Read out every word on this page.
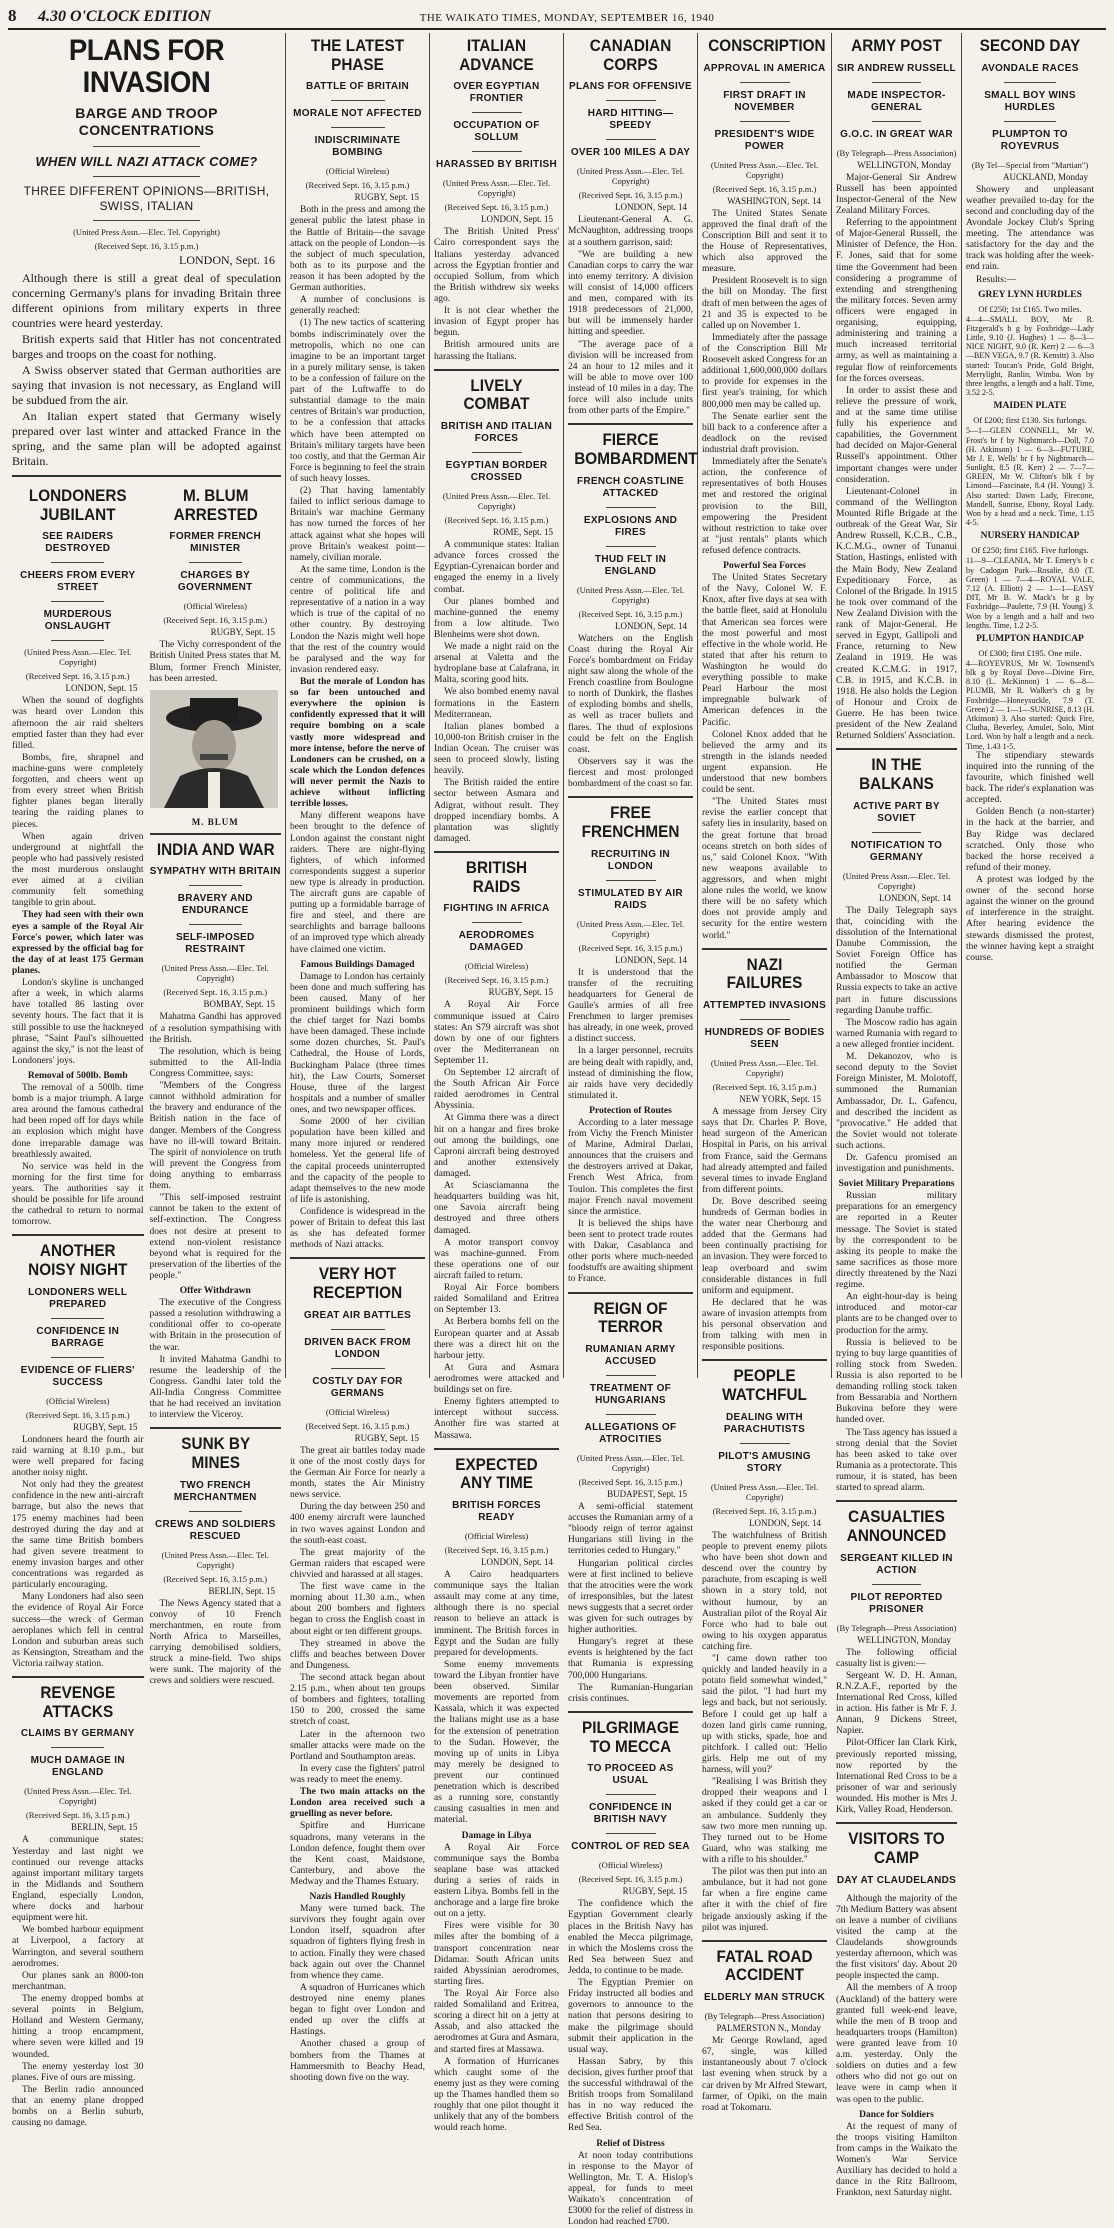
8	4.30 O'CLOCK EDITION	THE WAIKATO TIMES, MONDAY, SEPTEMBER 16, 1940
PLANS FOR INVASION
BARGE AND TROOP CONCENTRATIONS
WHEN WILL NAZI ATTACK COME?
THREE DIFFERENT OPINIONS—BRITISH, SWISS, ITALIAN
(United Press Assn.—Elec. Tel. Copyright)
(Received Sept. 16, 3.15 p.m.)
LONDON, Sept. 16

Although there is still a great deal of speculation concerning Germany's plans for invading Britain three different opinions from military experts in three countries were heard yesterday.

British experts said that Hitler has not concentrated barges and troops on the coast for nothing.

A Swiss observer stated that German authorities are saying that invasion is not necessary, as England will be subdued from the air.

An Italian expert stated that Germany wisely prepared over last winter and attacked France in the spring, and the same plan will be adopted against Britain.

LONDONERS JUBILANT
SEE RAIDERS DESTROYED
CHEERS FROM EVERY STREET
MURDEROUS ONSLAUGHT
(United Press Assn.—Elec. Tel. Copyright)
(Received Sept. 16, 3.15 p.m.)
LONDON, Sept. 15

When the sound of dogfights was heard over London this afternoon the air raid shelters emptied faster than they had ever filled.

Bombs, fire, shrapnel and machine-guns were completely forgotten, and cheers went up from every street when British fighter planes began literally tearing the raiding planes to pieces.

When again driven underground at nightfall the people who had passively resisted the most murderous onslaught ever aimed at a civilian community felt something tangible to grin about.

They had seen with their own eyes a sample of the Royal Air Force's power, which later was expressed by the official bag for the day of at least 175 German planes.

London's skyline is unchanged after a week, in which alarms have totalled 86 lasting over seventy hours. The fact that it is still possible to use the hackneyed phrase, "Saint Paul's silhouetted against the sky," is not the least of Londoners' joys.

Removal of 500lb. Bomb

The removal of a 500lb. time bomb is a major triumph. A large area around the famous cathedral had been roped off for days while an explosion which might have done irreparable damage was breathlessly awaited.

No service was held in the morning for the first time for years. The authorities say it should be possible for life around the cathedral to return to normal tomorrow.

ANOTHER NOISY NIGHT
LONDONERS WELL PREPARED
CONFIDENCE IN BARRAGE
EVIDENCE OF FLIERS' SUCCESS
(Official Wireless)
(Received Sept. 16, 3.15 p.m.)
RUGBY, Sept. 15

Londoners heard the fourth air raid warning at 8.10 p.m., but were well prepared for facing another noisy night.

Not only had they the greatest confidence in the new anti-aircraft barrage, but also the news that 175 enemy machines had been destroyed during the day and at the same time British bombers had given severe treatment to enemy invasion barges and other concentrations was regarded as particularly encouraging.

Many Londoners had also seen the evidence of Royal Air Force success—the wreck of German aeroplanes which fell in central London and suburban areas such as Kensington, Streatham and the Victoria railway station.

REVENGE ATTACKS
CLAIMS BY GERMANY
MUCH DAMAGE IN ENGLAND
(United Press Assn.—Elec. Tel. Copyright)
(Received Sept. 16, 3.15 p.m.)
BERLIN, Sept. 15

A communique states: Yesterday and last night we continued our revenge attacks against important military targets in the Midlands and Southern England, especially London, where docks and harbour equipment were hit.

We bombed harbour equipment at Liverpool, a factory at Warrington, and several southern aerodromes.

Our planes sank an 8000-ton merchantman.

The enemy dropped bombs at several points in Belgium, Holland and Western Germany, hitting a troop encampment, where seven were killed and 19 wounded.

The enemy yesterday lost 30 planes. Five of ours are missing.

The Berlin radio announced that an enemy plane dropped bombs on a Berlin suburb, causing no damage.

M. BLUM ARRESTED
FORMER FRENCH MINISTER
CHARGES BY GOVERNMENT
(Official Wireless)
(Received Sept. 16, 3.15 p.m.)
RUGBY, Sept. 15

The Vichy correspondent of the British United Press states that M. Blum, former French Minister, has been arrested.

M. BLUM
INDIA AND WAR
SYMPATHY WITH BRITAIN
BRAVERY AND ENDURANCE
SELF-IMPOSED RESTRAINT
(United Press Assn.—Elec. Tel. Copyright)
(Received Sept. 16, 3.15 p.m.)
BOMBAY, Sept. 15

Mahatma Gandhi has approved of a resolution sympathising with the British.

The resolution, which is being submitted to the All-India Congress Committee, says:

"Members of the Congress cannot withhold admiration for the bravery and endurance of the British nation in the face of danger. Members of the Congress have no ill-will toward Britain. The spirit of nonviolence on truth will prevent the Congress from doing anything to embarrass them.

"This self-imposed restraint cannot be taken to the extent of self-extinction. The Congress does not desire at present to extend non-violent resistance beyond what is required for the preservation of the liberties of the people."

Offer Withdrawn

The executive of the Congress passed a resolution withdrawing a conditional offer to co-operate with Britain in the prosecution of the war.

It invited Mahatma Gandhi to resume the leadership of the Congress. Gandhi later told the All-India Congress Committee that he had received an invitation to interview the Viceroy.

SUNK BY MINES
TWO FRENCH MERCHANTMEN
CREWS AND SOLDIERS RESCUED
(United Press Assn.—Elec. Tel. Copyright)
(Received Sept. 16, 3.15 p.m.)
BERLIN, Sept. 15

The News Agency stated that a convoy of 10 French merchantmen, en route from North Africa to Marseilles, carrying demobilised soldiers, struck a mine-field. Two ships were sunk. The majority of the crews and soldiers were rescued.

THE LATEST PHASE
BATTLE OF BRITAIN
MORALE NOT AFFECTED
INDISCRIMINATE BOMBING
(Official Wireless)
(Received Sept. 16, 3.15 p.m.)
RUGBY, Sept. 15

Both in the press and among the general public the latest phase in the Battle of Britain—the savage attack on the people of London—is the subject of much speculation, both as to its purpose and the reason it has been adopted by the German authorities.

A number of conclusions is generally reached:

(1) The new tactics of scattering bombs indiscriminately over the metropolis, which no one can imagine to be an important target in a purely military sense, is taken to be a confession of failure on the part of the Luftwaffe to do substantial damage to the main centres of Britain's war production, to be a confession that attacks which have been attempted on Britain's military targets have been too costly, and that the German Air Force is beginning to feel the strain of such heavy losses.

(2) That having lamentably failed to inflict serious damage to Britain's war machine Germany has now turned the forces of her attack against what she hopes will prove Britain's weakest point—namely, civilian morale.

At the same time, London is the centre of communications, the centre of political life and representative of a nation in a way which is true of the capital of no other country. By destroying London the Nazis might well hope that the rest of the country would be paralysed and the way for invasion rendered easy.

But the morale of London has so far been untouched and everywhere the opinion is confidently expressed that it will require bombing on a scale vastly more widespread and more intense, before the nerve of Londoners can be crushed, on a scale which the London defences will never permit the Nazis to achieve without inflicting terrible losses.

Many different weapons have been brought to the defence of London against the constant night raiders. There are night-flying fighters, of which informed correspondents suggest a superior new type is already in production. The aircraft guns are capable of putting up a formidable barrage of fire and steel, and there are searchlights and barrage balloons of an improved type which already have claimed one victim.

Famous Buildings Damaged

Damage to London has certainly been done and much suffering has been caused. Many of her prominent buildings which form the chief target for Nazi bombs have been damaged. These include some dozen churches, St. Paul's Cathedral, the House of Lords, Buckingham Palace (three times hit), the Law Courts, Somerset House, three of the largest hospitals and a number of smaller ones, and two newspaper offices.

Some 2000 of her civilian population have been killed and many more injured or rendered homeless. Yet the general life of the capital proceeds uninterrupted and the capacity of the people to adapt themselves to the new mode of life is astonishing.

Confidence is widespread in the power of Britain to defeat this last as she has defeated former methods of Nazi attacks.

VERY HOT RECEPTION
GREAT AIR BATTLES
DRIVEN BACK FROM LONDON
COSTLY DAY FOR GERMANS
(Official Wireless)
(Received Sept. 16, 3.15 p.m.)
RUGBY, Sept. 15

The great air battles today made it one of the most costly days for the German Air Force for nearly a month, states the Air Ministry news service.

During the day between 250 and 400 enemy aircraft were launched in two waves against London and the south-east coast.

The great majority of the German raiders that escaped were chivvied and harassed at all stages.

The first wave came in the morning about 11.30 a.m., when about 200 bombers and fighters began to cross the English coast in about eight or ten different groups.

They streamed in above the cliffs and beaches between Dover and Dungeness.

The second attack began about 2.15 p.m., when about ten groups of bombers and fighters, totalling 150 to 200, crossed the same stretch of coast.

Later in the afternoon two smaller attacks were made on the Portland and Southampton areas.

In every case the fighters' patrol was ready to meet the enemy.

The two main attacks on the London area received such a gruelling as never before.

Spitfire and Hurricane squadrons, many veterans in the London defence, fought them over the Kent coast, Maidstone, Canterbury, and above the Medway and the Thames Estuary.

Nazis Handled Roughly

Many were turned back. The survivors they fought again over London itself, squadron after squadron of fighters flying fresh in to action. Finally they were chased back again out over the Channel from whence they came.

A squadron of Hurricanes which destroyed nine enemy planes began to fight over London and ended up over the cliffs at Hastings.

Another chased a group of bombers from the Thames at Hammersmith to Beachy Head, shooting down five on the way.

ITALIAN ADVANCE
OVER EGYPTIAN FRONTIER
OCCUPATION OF SOLLUM
HARASSED BY BRITISH
(United Press Assn.—Elec. Tel. Copyright)
(Received Sept. 16, 3.15 p.m.)
LONDON, Sept. 15

The British United Press' Cairo correspondent says the Italians yesterday advanced across the Egyptian frontier and occupied Sollum, from which the British withdrew six weeks ago.

It is not clear whether the invasion of Egypt proper has begun.

British armoured units are harassing the Italians.

LIVELY COMBAT
BRITISH AND ITALIAN FORCES
EGYPTIAN BORDER CROSSED
(United Press Assn.—Elec. Tel. Copyright)
(Received Sept. 16, 3.15 p.m.)
ROME, Sept. 15

A communique states: Italian advance forces crossed the Egyptian-Cyrenaican border and engaged the enemy in a lively combat.

Our planes bombed and machine-gunned the enemy from a low altitude. Two Blenheims were shot down.

We made a night raid on the arsenal at Valetta and the hydroplane base at Calafrana, in Malta, scoring good hits.

We also bombed enemy naval formations in the Eastern Mediterranean.

Italian planes bombed a 10,000-ton British cruiser in the Indian Ocean. The cruiser was seen to proceed slowly, listing heavily.

The British raided the entire sector between Asmara and Adigrat, without result. They dropped incendiary bombs. A plantation was slightly damaged.

BRITISH RAIDS
FIGHTING IN AFRICA
AERODROMES DAMAGED
(Official Wireless)
(Received Sept. 16, 3.15 p.m.)
RUGBY, Sept. 15

A Royal Air Force communique issued at Cairo states: An S79 aircraft was shot down by one of our fighters over the Mediterranean on September 11.

On September 12 aircraft of the South African Air Force raided aerodromes in Central Abyssinia.

At Gimma there was a direct hit on a hangar and fires broke out among the buildings, one Caproni aircraft being destroyed and another extensively damaged.

At Sciasciamanna the headquarters building was hit, one Savoia aircraft being destroyed and three others damaged.

A motor transport convoy was machine-gunned. From these operations one of our aircraft failed to return.

Royal Air Force bombers raided Somaliland and Eritrea on September 13.

At Berbera bombs fell on the European quarter and at Assab there was a direct hit on the harbour jetty.

At Gura and Asmara aerodromes were attacked and buildings set on fire.

Enemy fighters attempted to intercept without success. Another fire was started at Massawa.

EXPECTED ANY TIME
BRITISH FORCES READY
(Official Wireless)
(Received Sept. 16, 3.15 p.m.)
LONDON, Sept. 14

A Cairo headquarters communique says the Italian assault may come at any time, although there is no special reason to believe an attack is imminent. The British forces in Egypt and the Sudan are fully prepared for developments.

Some enemy movements toward the Libyan frontier have been observed. Similar movements are reported from Kassala, which it was expected the Italians might use as a base for the extension of penetration to the Sudan. However, the moving up of units in Libya may merely be designed to prevent our continued penetration which is described as a running sore, constantly causing casualties in men and material.

Damage in Libya

A Royal Air Force communique says the Bomba seaplane base was attacked during a series of raids in eastern Libya. Bombs fell in the anchorage and a large fire broke out on a jetty.

Fires were visible for 30 miles after the bombing of a transport concentration near Didamar. South African units raided Abyssinian aerodromes, starting fires.

The Royal Air Force also raided Somaliland and Eritrea, scoring a direct hit on a jetty at Assab, and also attacked the aerodromes at Gura and Asmara, and started fires at Massawa.

A formation of Hurricanes which caught some of the enemy just as they were coming up the Thames handled them so roughly that one pilot thought it unlikely that any of the bombers would reach home.

CANADIAN CORPS
PLANS FOR OFFENSIVE
HARD HITTING—SPEEDY
OVER 100 MILES A DAY
(United Press Assn.—Elec. Tel. Copyright)
(Received Sept. 16, 3.15 p.m.)
LONDON, Sept. 14

Lieutenant-General A. G. McNaughton, addressing troops at a southern garrison, said:

"We are building a new Canadian corps to carry the war into enemy territory. A division will consist of 14,000 officers and men, compared with its 1918 predecessors of 21,000, but will be immensely harder hitting and speedier.

"The average pace of a division will be increased from 24 an hour to 12 miles and it will be able to move over 100 instead of 10 miles in a day. The force will also include units from other parts of the Empire."

FIERCE BOMBARDMENT
FRENCH COASTLINE ATTACKED
EXPLOSIONS AND FIRES
THUD FELT IN ENGLAND
(United Press Assn.—Elec. Tel. Copyright)
(Received Sept. 16, 3.15 p.m.)
LONDON, Sept. 14

Watchers on the English Coast during the Royal Air Force's bombardment on Friday night saw along the whole of the French coastline from Boulogne to north of Dunkirk, the flashes of exploding bombs and shells, as well as tracer bullets and flares. The thud of explosions could be felt on the English coast.

Observers say it was the fiercest and most prolonged bombardment of the coast so far.

FREE FRENCHMEN
RECRUITING IN LONDON
STIMULATED BY AIR RAIDS
(United Press Assn.—Elec. Tel. Copyright)
(Received Sept. 16, 3.15 p.m.)
LONDON, Sept. 14

It is understood that the transfer of the recruiting headquarters for General de Gaulle's armies of all free Frenchmen to larger premises has already, in one week, proved a distinct success.

In a larger personnel, recruits are being dealt with rapidly, and, instead of diminishing the flow, air raids have very decidedly stimulated it.

Protection of Routes

According to a later message from Vichy the French Minister of Marine, Admiral Darlan, announces that the cruisers and the destroyers arrived at Dakar, French West Africa, from Toulon. This completes the first major French naval movement since the armistice.

It is believed the ships have been sent to protect trade routes with Dakar, Casablanca and other ports where much-needed foodstuffs are awaiting shipment to France.

REIGN OF TERROR
RUMANIAN ARMY ACCUSED
TREATMENT OF HUNGARIANS
ALLEGATIONS OF ATROCITIES
(United Press Assn.—Elec. Tel. Copyright)
(Received Sept. 16, 3.15 p.m.)
BUDAPEST, Sept. 15

A semi-official statement accuses the Rumanian army of a "bloody reign of terror against Hungarians still living in the territories ceded to Hungary."

Hungarian political circles were at first inclined to believe that the atrocities were the work of irresponsibles, but the latest news suggests that a secret order was given for such outrages by higher authorities.

Hungary's regret at these events is heightened by the fact that Rumania is expressing 700,000 Hungarians.

The Rumanian-Hungarian crisis continues.

PILGRIMAGE TO MECCA
TO PROCEED AS USUAL
CONFIDENCE IN BRITISH NAVY
CONTROL OF RED SEA
(Official Wireless)
(Received Sept. 16, 3.15 p.m.)
RUGBY, Sept. 15

The confidence which the Egyptian Government clearly places in the British Navy has enabled the Mecca pilgrimage, in which the Moslems cross the Red Sea between Suez and Jedda, to continue to be made.

The Egyptian Premier on Friday instructed all bodies and governors to announce to the nation that persons desiring to make the pilgrimage should submit their application in the usual way.

Hassan Sabry, by this decision, gives further proof that the successful withdrawal of the British troops from Somaliland has in no way reduced the effective British control of the Red Sea.

Relief of Distress

At noon today contributions in response to the Mayor of Wellington, Mr. T. A. Hislop's appeal, for funds to meet Waikato's concentration of £3000 for the relief of distress in London had reached £700.

CONSCRIPTION
APPROVAL IN AMERICA
FIRST DRAFT IN NOVEMBER
PRESIDENT'S WIDE POWER
(United Press Assn.—Elec. Tel. Copyright)
(Received Sept. 16, 3.15 p.m.)
WASHINGTON, Sept. 14

The United States Senate approved the final draft of the Conscription Bill and sent it to the House of Representatives, which also approved the measure.

President Roosevelt is to sign the bill on Monday. The first draft of men between the ages of 21 and 35 is expected to be called up on November 1.

Immediately after the passage of the Conscription Bill Mr Roosevelt asked Congress for an additional 1,600,000,000 dollars to provide for expenses in the first year's training, for which 800,000 men may be called up.

The Senate earlier sent the bill back to a conference after a deadlock on the revised industrial draft provision.

Immediately after the Senate's action, the conference of representatives of both Houses met and restored the original provision to the Bill, empowering the President without restriction to take over at "just rentals" plants which refused defence contracts.

Powerful Sea Forces

The United States Secretary of the Navy, Colonel W. F. Knox, after five days at sea with the battle fleet, said at Honolulu that American sea forces were the most powerful and most effective in the whole world. He stated that after his return to Washington he would do everything possible to make Pearl Harbour the most impregnable bulwark of American defences in the Pacific.

Colonel Knox added that he believed the army and its strength in the islands needed urgent expansion. He understood that new bombers could be sent.

"The United States must revise the earlier concept that safety lies in insularity, based on the great fortune that broad oceans stretch on both sides of us," said Colonel Knox. "With new weapons available to aggressors, and when might alone rules the world, we know there will be no safety which does not provide amply and security for the entire western world."

NAZI FAILURES
ATTEMPTED INVASIONS
HUNDREDS OF BODIES SEEN
(United Press Assn.—Elec. Tel. Copyright)
(Received Sept. 16, 3.15 p.m.)
NEW YORK, Sept. 15

A message from Jersey City says that Dr. Charles P. Bove, head surgeon of the American Hospital in Paris, on his arrival from France, said the Germans had already attempted and failed several times to invade England from different points.

Dr. Bove described seeing hundreds of German bodies in the water near Cherbourg and added that the Germans had been continually practising for an invasion. They were forced to leap overboard and swim considerable distances in full uniform and equipment.

He declared that he was aware of invasion attempts from his personal observation and from talking with men in responsible positions.

PEOPLE WATCHFUL
DEALING WITH PARACHUTISTS
PILOT'S AMUSING STORY
(United Press Assn.—Elec. Tel. Copyright)
(Received Sept. 16, 3.15 p.m.)
LONDON, Sept. 14

The watchfulness of British people to prevent enemy pilots who have been shot down and descend over the country by parachute, from escaping is well shown in a story told, not without humour, by an Australian pilot of the Royal Air Force who had to bale out owing to his oxygen apparatus catching fire.

"I came down rather too quickly and landed heavily in a potato field somewhat winded," said the pilot. "I had hurt my legs and back, but not seriously. Before I could get up half a dozen land girls came running, up with sticks, spade, hoe and pitchfork. I called out: 'Hello girls. Help me out of my harness, will you?'

"Realising I was British they dropped their weapons and I asked if they could get a car or an ambulance. Suddenly they saw two more men running up. They turned out to be Home Guard, who was stalking me with a rifle to his shoulder."

The pilot was then put into an ambulance, but it had not gone far when a fire engine came after it with the chief of fire brigade anxiously asking if the pilot was injured.

FATAL ROAD ACCIDENT
ELDERLY MAN STRUCK
(By Telegraph—Press Association)
PALMERSTON N., Monday

Mr George Rowland, aged 67, single, was killed instantaneously about 7 o'clock last evening when struck by a car driven by Mr Alfred Stewart, farmer, of Opiki, on the main road at Tokomaru.

ARMY POST
SIR ANDREW RUSSELL
MADE INSPECTOR-GENERAL
G.O.C. IN GREAT WAR
(By Telegraph—Press Association)
WELLINGTON, Monday

Major-General Sir Andrew Russell has been appointed Inspector-General of the New Zealand Military Forces.

Referring to the appointment of Major-General Russell, the Minister of Defence, the Hon. F. Jones, said that for some time the Government had been considering a programme of extending and strengthening the military forces. Seven army officers were engaged in organising, equipping, administering and training a much increased territorial army, as well as maintaining a regular flow of reinforcements for the forces overseas.

In order to assist these and relieve the pressure of work, and at the same time utilise fully his experience and capabilities, the Government had decided on Major-General Russell's appointment. Other important changes were under consideration.

Lieutenant-Colonel in command of the Wellington Mounted Rifle Brigade at the outbreak of the Great War, Sir Andrew Russell, K.C.B., C.B., K.C.M.G., owner of Tunanui Station, Hastings, enlisted with the Main Body, New Zealand Expeditionary Force, as Colonel of the Brigade. In 1915 he took over command of the New Zealand Division with the rank of Major-General. He served in Egypt, Gallipoli and France, returning to New Zealand in 1919. He was created K.C.M.G. in 1917, C.B. in 1915, and K.C.B. in 1918. He also holds the Legion of Honour and Croix de Guerre. He has been twice president of the New Zealand Returned Soldiers' Association.

IN THE BALKANS
ACTIVE PART BY SOVIET
NOTIFICATION TO GERMANY
(United Press Assn.—Elec. Tel. Copyright)
LONDON, Sept. 14

The Daily Telegraph says that, coinciding with the dissolution of the International Danube Commission, the Soviet Foreign Office has notified the German Ambassador to Moscow that Russia expects to take an active part in future discussions regarding Danube traffic.

The Moscow radio has again warned Rumania with regard to a new alleged frontier incident.

M. Dekanozov, who is second deputy to the Soviet Foreign Minister, M. Molotoff, summoned the Rumanian Ambassador, Dr. L. Gafencu, and described the incident as "provocative." He added that the Soviet would not tolerate such actions.

Dr. Gafencu promised an investigation and punishments.

Soviet Military Preparations

Russian military preparations for an emergency are reported in a Reuter message. The Soviet is stated by the correspondent to be asking its people to make the same sacrifices as those more directly threatened by the Nazi regime.

An eight-hour-day is being introduced and motor-car plants are to be changed over to production for the army.

Russia is believed to be trying to buy large quantities of rolling stock from Sweden. Russia is also reported to be demanding rolling stock taken from Bessarabia and Northern Bukovina before they were handed over.

The Tass agency has issued a strong denial that the Soviet has been asked to take over Rumania as a protectorate. This rumour, it is stated, has been started to spread alarm.

CASUALTIES ANNOUNCED
SERGEANT KILLED IN ACTION
PILOT REPORTED PRISONER
(By Telegraph—Press Association)
WELLINGTON, Monday

The following official casualty list is given:—

Sergeant W. D. H. Annan, R.N.Z.A.F., reported by the International Red Cross, killed in action. His father is Mr F. J. Annan, 9 Dickens Street, Napier.

Pilot-Officer Ian Clark Kirk, previously reported missing, now reported by the International Red Cross to be a prisoner of war and seriously wounded. His mother is Mrs J. Kirk, Valley Road, Henderson.

VISITORS TO CAMP
DAY AT CLAUDELANDS

Although the majority of the 7th Medium Battery was absent on leave a number of civilians visited the camp at the Claudelands showgrounds yesterday afternoon, which was the first visitors' day. About 20 people inspected the camp.

All the members of A troop (Auckland) of the battery were granted full week-end leave, while the men of B troop and headquarters troops (Hamilton) were granted leave from 10 a.m. yesterday. Only the soldiers on duties and a few others who did not go out on leave were in camp when it was open to the public.

Dance for Soldiers

At the request of many of the troops visiting Hamilton from camps in the Waikato the Women's War Service Auxiliary has decided to hold a dance in the Ritz Ballroom, Frankton, next Saturday night.

SECOND DAY
AVONDALE RACES
SMALL BOY WINS HURDLES
PLUMPTON TO ROYEVRUS
(By Tel—Special from "Martian")
AUCKLAND, Monday

Showery and unpleasant weather prevailed to-day for the second and concluding day of the Avondale Jockey Club's Spring meeting. The attendance was satisfactory for the day and the track was holding after the week-end rain.

Results:—

GREY LYNN HURDLES
Of £250; 1st £165. Two miles.

4—4—SMALL BOY, Mr R. Fitzgerald's b g by Foxbridge—Lady Little, 9.10 (J. Hughes) 1 — 8—3—NICE NIGHT, 9.0 (R. Kerr) 2 — 6—3—BEN VEGA, 9.7 (R. Kensitt) 3. Also started: Toucan's Pride, Gold Bright, Merrylight, Ranlin, Wimba. Won by three lengths, a length and a half. Time, 3.52 2-5.

MAIDEN PLATE
Of £200; first £130. Six furlongs.

5—1—GLEN CONNELL, Mr W. Frost's br f by Nightmarch—Doll, 7.0 (H. Atkinson) 1 — 6—3—FUTURE, Mr J. E. Wells' br f by Nightmarch—Sunlight, 8.5 (R. Kerr) 2 — 7—7—GREEN, Mr W. Clifton's blk f by Limond—Fascinate, 8.4 (H. Young) 3. Also started: Dawn Lady, Firecone, Mandell, Sunrise, Ebony, Royal Lady. Won by a head and a neck. Time, 1.15 4-5.

NURSERY HANDICAP
Of £250; first £165. Five furlongs.

11—9—CLEANIA, Mr T. Emery's b c by Cadogan Park—Rosalie, 8.0 (T. Green) 1 — 7—4—ROYAL VALE, 7.12 (A. Elliott) 2 — 1—1—EASY DIT, Mr B. W. Mack's br g by Foxbridge—Paulette, 7.9 (H. Young) 3. Won by a length and a half and two lengths. Time, 1.2 2-5.

PLUMPTON HANDICAP
Of £300; first £195. One mile.

4—ROYEVRUS, Mr W. Townsend's blk g by Royal Dove—Divine Fire, 8.10 (L. McKinnon) 1 — 6—8—PLUMB, Mr R. Walker's ch g by Foxbridge—Honeysuckle, 7.9 (T. Green) 2 — 1—1—SUNRISE, 8.13 (H. Atkinson) 3. Also started: Quick Fire, Clutha, Beverley, Amulet, Solo, Mint Lord. Won by half a length and a neck. Time, 1.43 1-5.

The stipendiary stewards inquired into the running of the favourite, which finished well back. The rider's explanation was accepted.

Golden Bench (a non-starter) in the hack at the barrier, and Bay Ridge was declared scratched. Only those who backed the horse received a refund of their money.

A protest was lodged by the owner of the second horse against the winner on the ground of interference in the straight. After hearing evidence the stewards dismissed the protest, the winner having kept a straight course.
